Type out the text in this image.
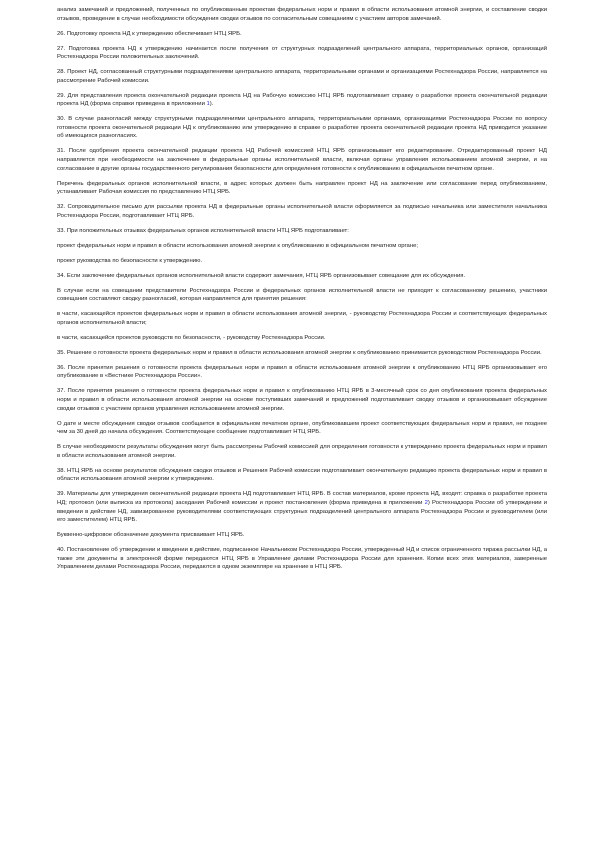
анализ замечаний и предложений, полученных по опубликованным проектам федеральных норм и правил в области использования атомной энергии, и составление сводки отзывов, проведение в случае необходимости обсуждения сводки отзывов по согласительным совещаниям с участием авторов замечаний.

26. Подготовку проекта НД к утверждению обеспечивает НТЦ ЯРБ.

27. Подготовка проекта НД к утверждению начинается после получения от структурных подразделений центрального аппарата, территориальных органов, организаций Ростехнадзора России положительных заключений.

28. Проект НД, согласованный структурными подразделениями центрального аппарата, территориальными органами и организациями Ростехнадзора России, направляется на рассмотрение Рабочей комиссии.

29. Для представления проекта окончательной редакции проекта НД на Рабочую комиссию НТЦ ЯРБ подготавливает справку о разработке проекта окончательной редакции проекта НД (форма справки приведена в приложении 1).

30. В случае разногласий между структурными подразделениями центрального аппарата, территориальными органами, организациями Ростехнадзора России по вопросу готовности проекта окончательной редакции НД к опубликованию или утверждению в справке о разработке проекта окончательной редакции проекта НД приводится указание об имеющихся разногласиях.

31. После одобрения проекта окончательной редакции проекта НД Рабочей комиссией НТЦ ЯРБ организовывает его редактирование. Отредактированный проект НД направляется при необходимости на заключение в федеральные органы исполнительной власти, включая органы управления использованием атомной энергии, и на согласование в другие органы государственного регулирования безопасности для определения готовности к опубликованию в официальном печатном органе.

Перечень федеральных органов исполнительной власти, в адрес которых должен быть направлен проект НД на заключение или согласование перед опубликованием, устанавливает Рабочая комиссия по представлению НТЦ ЯРБ.

32. Сопроводительное письмо для рассылки проекта НД в федеральные органы исполнительной власти оформляется за подписью начальника или заместителя начальника Ростехнадзора России, подготавливает НТЦ ЯРБ.

33. При положительных отзывах федеральных органов исполнительной власти НТЦ ЯРБ подготавливает:

проект федеральных норм и правил в области использования атомной энергии к опубликованию в официальном печатном органе;

проект руководства по безопасности к утверждению.

34. Если заключение федеральных органов исполнительной власти содержит замечания, НТЦ ЯРБ организовывает совещание для их обсуждения.

В случае если на совещании представители Ростехнадзора России и федеральных органов исполнительной власти не приходят к согласованному решению, участники совещания составляют сводку разногласий, которая направляется для принятия решения:

в части, касающейся проектов федеральных норм и правил в области использования атомной энергии, - руководству Ростехнадзора России и соответствующих федеральных органов исполнительной власти;

в части, касающейся проектов руководств по безопасности, - руководству Ростехнадзора России.

35. Решение о готовности проекта федеральных норм и правил в области использования атомной энергии к опубликованию принимается руководством Ростехнадзора России.

36. После принятия решения о готовности проекта федеральных норм и правил в области использования атомной энергии к опубликованию НТЦ ЯРБ организовывает его опубликование в «Вестнике Ростехнадзора России».

37. После принятия решения о готовности проекта федеральных норм и правил к опубликованию НТЦ ЯРБ в 3-месячный срок со дня опубликования проекта федеральных норм и правил в области использования атомной энергии на основе поступивших замечаний и предложений подготавливает сводку отзывов и организовывает обсуждение сводки отзывов с участием органов управления использованием атомной энергии.

О дате и месте обсуждения сводки отзывов сообщается в официальном печатном органе, опубликовавшем проект соответствующих федеральных норм и правил, не позднее чем за 30 дней до начала обсуждения. Соответствующее сообщение подготавливает НТЦ ЯРБ.

В случае необходимости результаты обсуждения могут быть рассмотрены Рабочей комиссией для определения готовности к утверждению проекта федеральных норм и правил в области использования атомной энергии.

38. НТЦ ЯРБ на основе результатов обсуждения сводки отзывов и Решения Рабочей комиссии подготавливает окончательную редакцию проекта федеральных норм и правил в области использования атомной энергии к утверждению.

39. Материалы для утверждения окончательной редакции проекта НД подготавливает НТЦ ЯРБ. В состав материалов, кроме проекта НД, входят: справка о разработке проекта НД; протокол (или выписка из протокола) заседания Рабочей комиссии и проект постановления (форма приведена в приложении 2) Ростехнадзора России об утверждении и введении в действие НД, завизированное руководителями соответствующих структурных подразделений центрального аппарата Ростехнадзора России и руководителем (или его заместителем) НТЦ ЯРБ.

Буквенно-цифровое обозначение документа присваивает НТЦ ЯРБ.

40. Постановление об утверждении и введении в действие, подписанное Начальником Ростехнадзора России, утвержденный НД и список ограниченного тиража рассылки НД, а также эти документы в электронной форме передаются НТЦ ЯРБ в Управление делами Ростехнадзора России для хранения. Копии всех этих материалов, заверенные Управлением делами Ростехнадзора России, передаются в одном экземпляре на хранение в НТЦ ЯРБ.
